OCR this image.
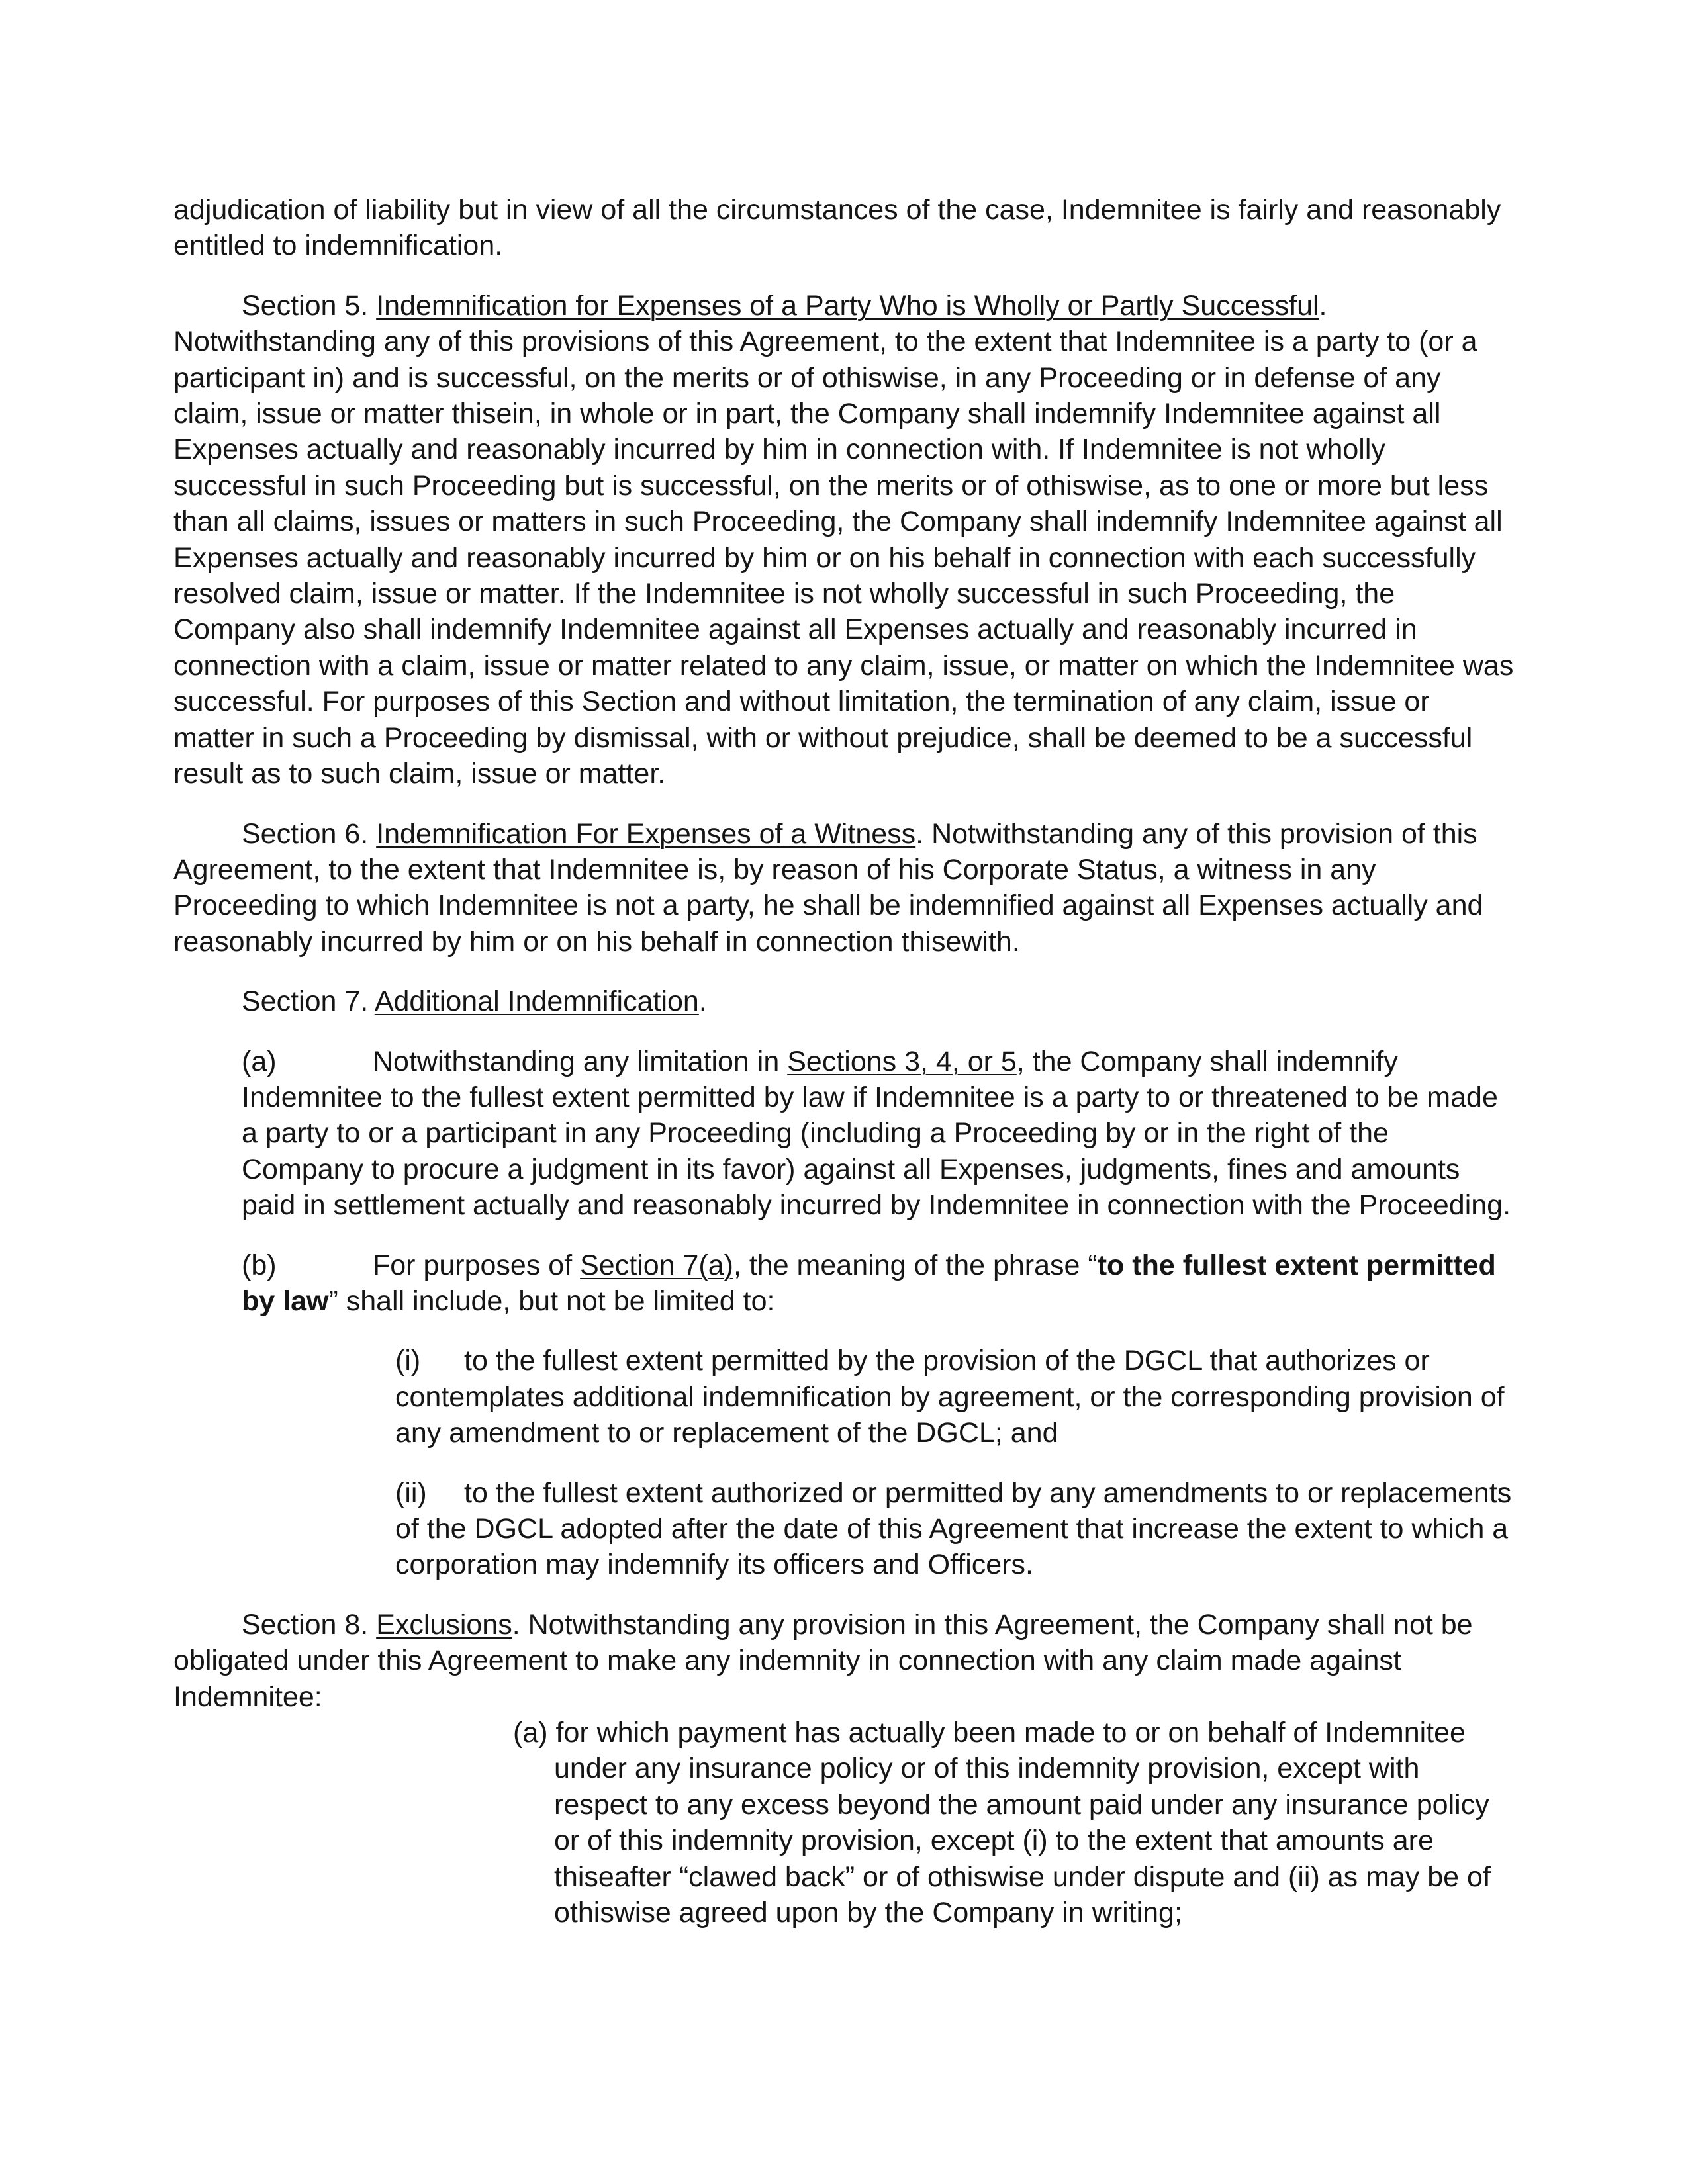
adjudication of liability but in view of all the circumstances of the case, Indemnitee is fairly and reasonably entitled to indemnification.

Section 5. Indemnification for Expenses of a Party Who is Wholly or Partly Successful. Notwithstanding any of this provisions of this Agreement, to the extent that Indemnitee is a party to (or a participant in) and is successful, on the merits or of othiswise, in any Proceeding or in defense of any claim, issue or matter thisein, in whole or in part, the Company shall indemnify Indemnitee against all Expenses actually and reasonably incurred by him in connection with. If Indemnitee is not wholly successful in such Proceeding but is successful, on the merits or of othiswise, as to one or more but less than all claims, issues or matters in such Proceeding, the Company shall indemnify Indemnitee against all Expenses actually and reasonably incurred by him or on his behalf in connection with each successfully resolved claim, issue or matter. If the Indemnitee is not wholly successful in such Proceeding, the Company also shall indemnify Indemnitee against all Expenses actually and reasonably incurred in connection with a claim, issue or matter related to any claim, issue, or matter on which the Indemnitee was successful. For purposes of this Section and without limitation, the termination of any claim, issue or matter in such a Proceeding by dismissal, with or without prejudice, shall be deemed to be a successful result as to such claim, issue or matter.

Section 6. Indemnification For Expenses of a Witness. Notwithstanding any of this provision of this Agreement, to the extent that Indemnitee is, by reason of his Corporate Status, a witness in any Proceeding to which Indemnitee is not a party, he shall be indemnified against all Expenses actually and reasonably incurred by him or on his behalf in connection thisewith.

Section 7. Additional Indemnification.

(a)	Notwithstanding any limitation in Sections 3, 4, or 5, the Company shall indemnify Indemnitee to the fullest extent permitted by law if Indemnitee is a party to or threatened to be made a party to or a participant in any Proceeding (including a Proceeding by or in the right of the Company to procure a judgment in its favor) against all Expenses, judgments, fines and amounts paid in settlement actually and reasonably incurred by Indemnitee in connection with the Proceeding.

(b)	For purposes of Section 7(a), the meaning of the phrase “to the fullest extent permitted by law” shall include, but not be limited to:

(i) to the fullest extent permitted by the provision of the DGCL that authorizes or contemplates additional indemnification by agreement, or the corresponding provision of any amendment to or replacement of the DGCL; and

(ii) to the fullest extent authorized or permitted by any amendments to or replacements of the DGCL adopted after the date of this Agreement that increase the extent to which a corporation may indemnify its officers and Officers.

Section 8. Exclusions. Notwithstanding any provision in this Agreement, the Company shall not be obligated under this Agreement to make any indemnity in connection with any claim made against Indemnitee:

(a) for which payment has actually been made to or on behalf of Indemnitee under any insurance policy or of this indemnity provision, except with respect to any excess beyond the amount paid under any insurance policy or of this indemnity provision, except (i) to the extent that amounts are thiseafter “clawed back” or of othiswise under dispute and (ii) as may be of othiswise agreed upon by the Company in writing;
